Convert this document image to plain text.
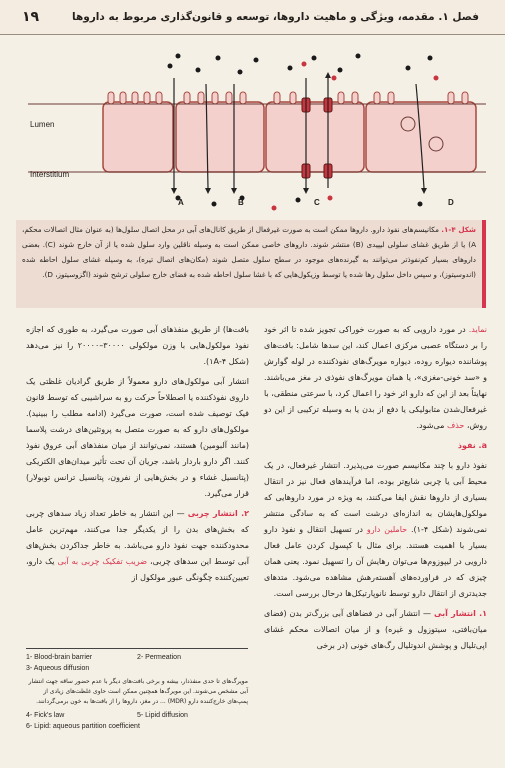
۱۹	فصل ۱. مقدمه، ویژگی و ماهیت داروها، توسعه و قانون‌گذاری مربوط به داروها
Lumen
Interstitium
A	B	C	D
شکل ۴-۱. مکانیسم‌های نفوذ دارو. داروها ممکن است به صورت غیرفعال از طریق کانال‌های آبی در محل اتصال سلول‌ها (به عنوان مثال اتصالات محکم، A) یا از طریق غشای سلولی لیپیدی (B) منتشر شوند. داروهای خاصی ممکن است به وسیله ناقلین وارد سلول شده یا از آن خارج شوند (C). بعضی داروهای بسیار کم‌نفوذتر می‌توانند به گیرنده‌های موجود در سطح سلول متصل شوند (مکان‌های اتصال تیره)، به وسیله غشای سلول احاطه شده (اندوسیتوز)، و سپس داخل سلول رها شده یا توسط وزیکول‌هایی که با غشا سلول احاطه شده به فضای خارج سلولی ترشح شوند (اگزوسیتوز، D).

نماید. در مورد دارویی که به صورت خوراکی تجویز شده تا اثر خود را بر دستگاه عصبی مرکزی اعمال کند، این سدها شامل: بافت‌های پوشاننده دیواره روده، دیواره مویرگ‌های نفوذکننده در لوله گوارش و «سد خونی-مغزی»، یا همان مویرگ‌های نفوذی در مغز می‌باشند. نهایتاً بعد از این که دارو اثر خود را اعمال کرد، با سرعتی منطقی، با غیرفعال‌شدن متابولیکی یا دفع از بدن یا به وسیله ترکیبی از این دو روش، حذف می‌شود.

a. نفوذ

نفوذ دارو با چند مکانیسم صورت می‌پذیرد. انتشار غیرفعال، در یک محیط آبی یا چربی شایع‌تر بوده، اما فرآیندهای فعال نیز در انتقال بسیاری از داروها نقش ایفا می‌کنند، به ویژه در مورد داروهایی که مولکول‌هایشان به اندازه‌ای درشت است که به سادگی منتشر نمی‌شوند (شکل ۴-۱). حاملین دارو در تسهیل انتقال و نفوذ دارو بسیار با اهمیت هستند. برای مثال با کپسول کردن عامل فعال دارویی در لیپوزوم‌ها می‌توان رهایش آن را تسهیل نمود. یعنی همان چیزی که در فراورده‌های آهسته‌رهش مشاهده می‌شود. متدهای جدیدتری از انتقال دارو توسط نانوپارتیکل‌ها درحال بررسی است.

۱. انتشار آبی — انتشار آبی در فضاهای آبی بزرگ‌تر بدن (فضای میان‌بافتی، سیتوزول و غیره) و از میان اتصالات محکم غشای اپی‌تلیال و پوشش اندوتلیال رگ‌های خونی (در برخی

بافت‌ها) از طریق منفذهای آبی صورت می‌گیرد، به طوری که اجازه نفوذ مولکول‌هایی با وزن مولکولی ۳۰۰۰۰–۲۰۰۰۰ را نیز می‌دهد (شکل ۴-۱A).

انتشار آبی مولکول‌های دارو معمولاً از طریق گرادیان غلظتی یک داروی نفوذکننده یا اصطلاحاً حرکت رو به سراشیبی که توسط قانون فیک توصیف شده است، صورت می‌گیرد (ادامه مطلب را ببینید). مولکول‌های دارو که به صورت متصل به پروتئین‌های درشت پلاسما (مانند آلبومین) هستند، نمی‌توانند از میان منفذهای آبی عروق نفوذ کنند. اگر دارو باردار باشد، جریان آن تحت تأثیر میدان‌های الکتریکی (پتانسیل غشاء و در بخش‌هایی از نفرون، پتانسیل ترانس توبولار) قرار می‌گیرد.

۲. انتشار چربی — این انتشار به خاطر تعداد زیاد سدهای چربی که بخش‌های بدن را از یکدیگر جدا می‌کنند، مهم‌ترین عامل محدودکننده جهت نفوذ دارو می‌باشد. به خاطر جداکردن بخش‌های آبی توسط این سدهای چربی، ضریب تفکیک چربی به آبی یک دارو، تعیین‌کننده چگونگی عبور مولکول از

1- Blood-brain barrier	2- Permeation
3- Aqueous diffusion
مویرگ‌های تا حدی منفذدار، بیشه و برخی بافت‌های دیگر با عدم حضور ساقه جهت انتشار آبی مشخص می‌شوند. این مویرگ‌ها همچنین ممکن است حاوی غلظت‌های زیادی از پمپ‌های خارج‌کننده دارو (MDR) ... در مغز، داروها را از بافت‌ها به خون برمی‌گردانند.
4- Fick's law	5- Lipid diffusion
6- Lipid: aqueous partition coefficient
